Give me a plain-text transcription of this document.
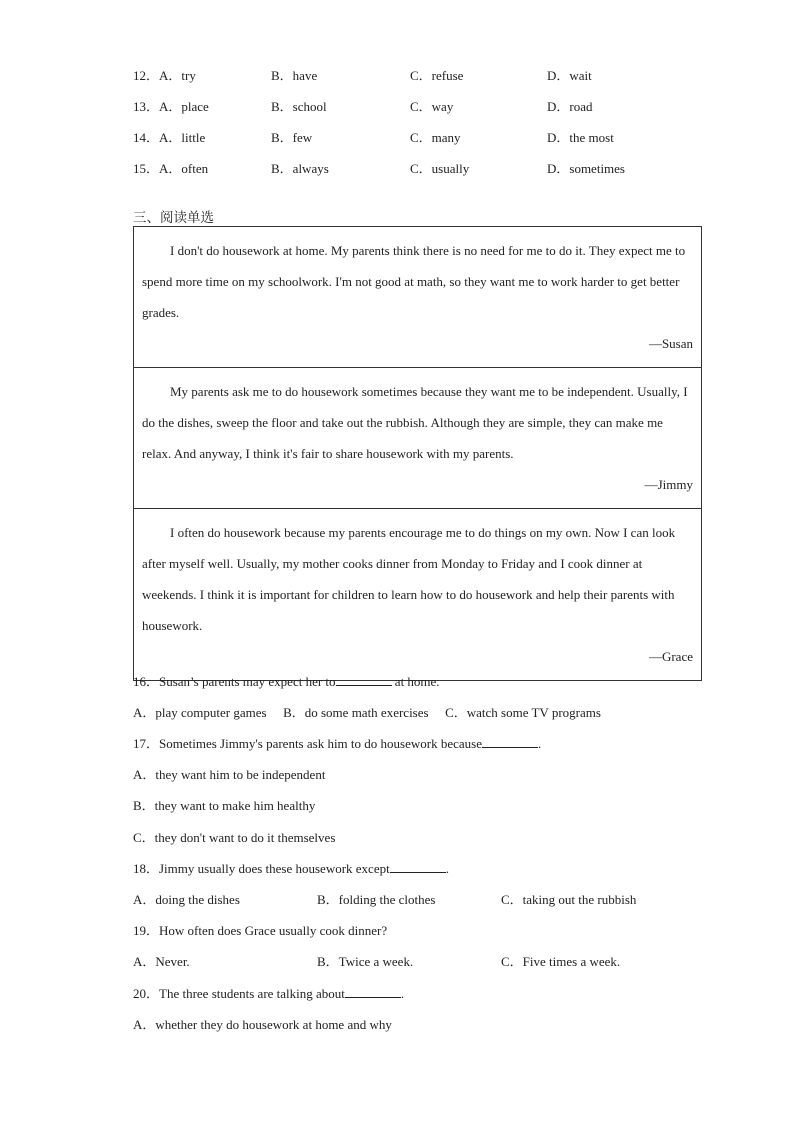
12．A．try	B．have	C．refuse	D．wait
13．A．place	B．school	C．way	D．road
14．A．little	B．few	C．many	D．the most
15．A．often	B．always	C．usually	D．sometimes
三、阅读单选

I don't do housework at home. My parents think there is no need for me to do it. They expect me to spend more time on my schoolwork. I'm not good at math, so they want me to work harder to get better grades.

—Susan

My parents ask me to do housework sometimes because they want me to be independent. Usually, I do the dishes, sweep the floor and take out the rubbish. Although they are simple, they can make me relax. And anyway, I think it's fair to share housework with my parents.

—Jimmy

I often do housework because my parents encourage me to do things on my own. Now I can look after myself well. Usually, my mother cooks dinner from Monday to Friday and I cook dinner at weekends. I think it is important for children to learn how to do housework and help their parents with housework.

—Grace

16．Susan’s parents may expect her to	at home.
A．play computer games B．do some math exercises C．watch some TV programs
17．Sometimes Jimmy's parents ask him to do housework because	.
A．they want him to be independent
B．they want to make him healthy
C．they don't want to do it themselves
18．Jimmy usually does these housework except	.
A．doing the dishes	B．folding the clothes	C．taking out the rubbish
19．How often does Grace usually cook dinner?
A．Never.	B．Twice a week.	C．Five times a week.
20．The three students are talking about	.
A．whether they do housework at home and why
